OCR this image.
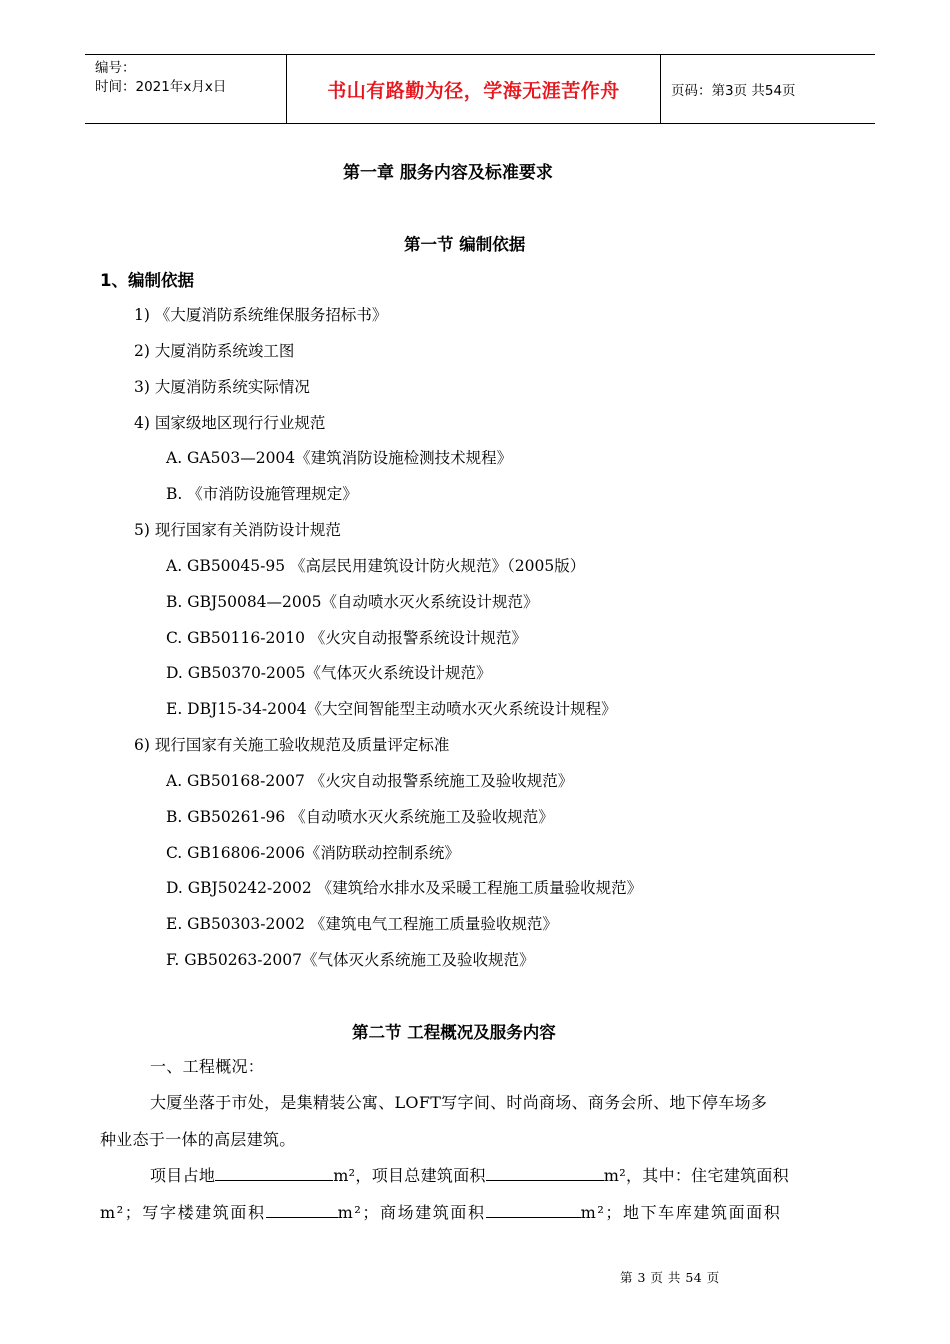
编号：
时间：2021年x月x日	书山有路勤为径，学海无涯苦作舟	页码：第3页 共54页
第一章 服务内容及标准要求
第一节 编制依据
1、编制依据
1) 《大厦消防系统维保服务招标书》
2) 大厦消防系统竣工图
3) 大厦消防系统实际情况
4) 国家级地区现行行业规范
A. GA503—2004《建筑消防设施检测技术规程》
B. 《市消防设施管理规定》
5) 现行国家有关消防设计规范
A. GB50045-95 《高层民用建筑设计防火规范》（2005版）
B. GBJ50084—2005《自动喷水灭火系统设计规范》
C. GB50116-2010 《火灾自动报警系统设计规范》
D. GB50370-2005《气体灭火系统设计规范》
E. DBJ15-34-2004《大空间智能型主动喷水灭火系统设计规程》
6) 现行国家有关施工验收规范及质量评定标准
A. GB50168-2007 《火灾自动报警系统施工及验收规范》
B. GB50261-96 《自动喷水灭火系统施工及验收规范》
C. GB16806-2006《消防联动控制系统》
D. GBJ50242-2002 《建筑给水排水及采暖工程施工质量验收规范》
E. GB50303-2002 《建筑电气工程施工质量验收规范》
F. GB50263-2007《气体灭火系统施工及验收规范》
第二节 工程概况及服务内容
一、工程概况：
大厦坐落于市处，是集精装公寓、LOFT写字间、时尚商场、商务会所、地下停车场多
种业态于一体的高层建筑。
项目占地	m²，项目总建筑面积	m²，其中：住宅建筑面积
m²；写字楼建筑面积	m²；商场建筑面积	m²；地下车库建筑面面积
第 3 页 共 54 页
